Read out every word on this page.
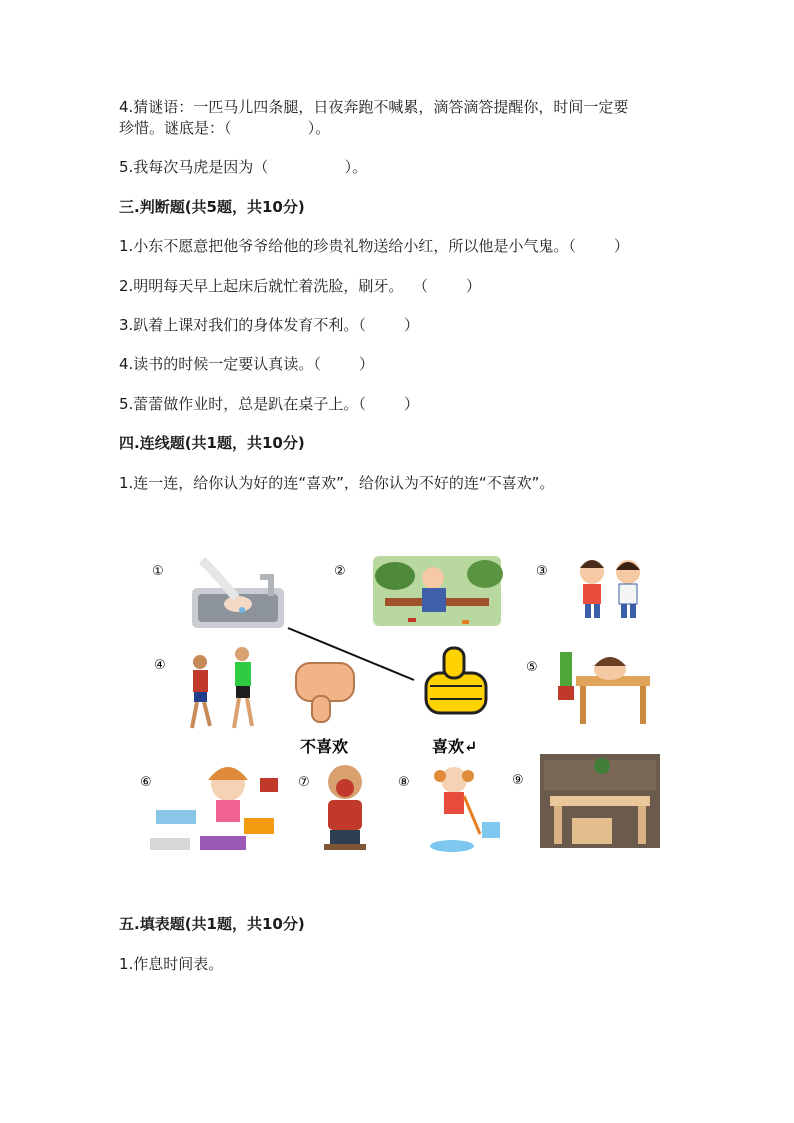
4.猜谜语：一匹马儿四条腿，日夜奔跑不喊累，滴答滴答提醒你，时间一定要
珍惜。谜底是：（                ）。
5.我每次马虎是因为（                ）。
三.判断题(共5题，共10分)
1.小东不愿意把他爷爷给他的珍贵礼物送给小红，所以他是小气鬼。（        ）
2.明明每天早上起床后就忙着洗脸，刷牙。  （        ）
3.趴着上课对我们的身体发育不利。（        ）
4.读书的时候一定要认真读。（        ）
5.蕾蕾做作业时，总是趴在桌子上。（        ）
四.连线题(共1题，共10分)
1.连一连，给你认为好的连“喜欢”，给你认为不好的连“不喜欢”。
①	②	③
④	⑤
⑥	⑦	⑧	⑨
不喜欢	喜欢↵
五.填表题(共1题，共10分)
1.作息时间表。
